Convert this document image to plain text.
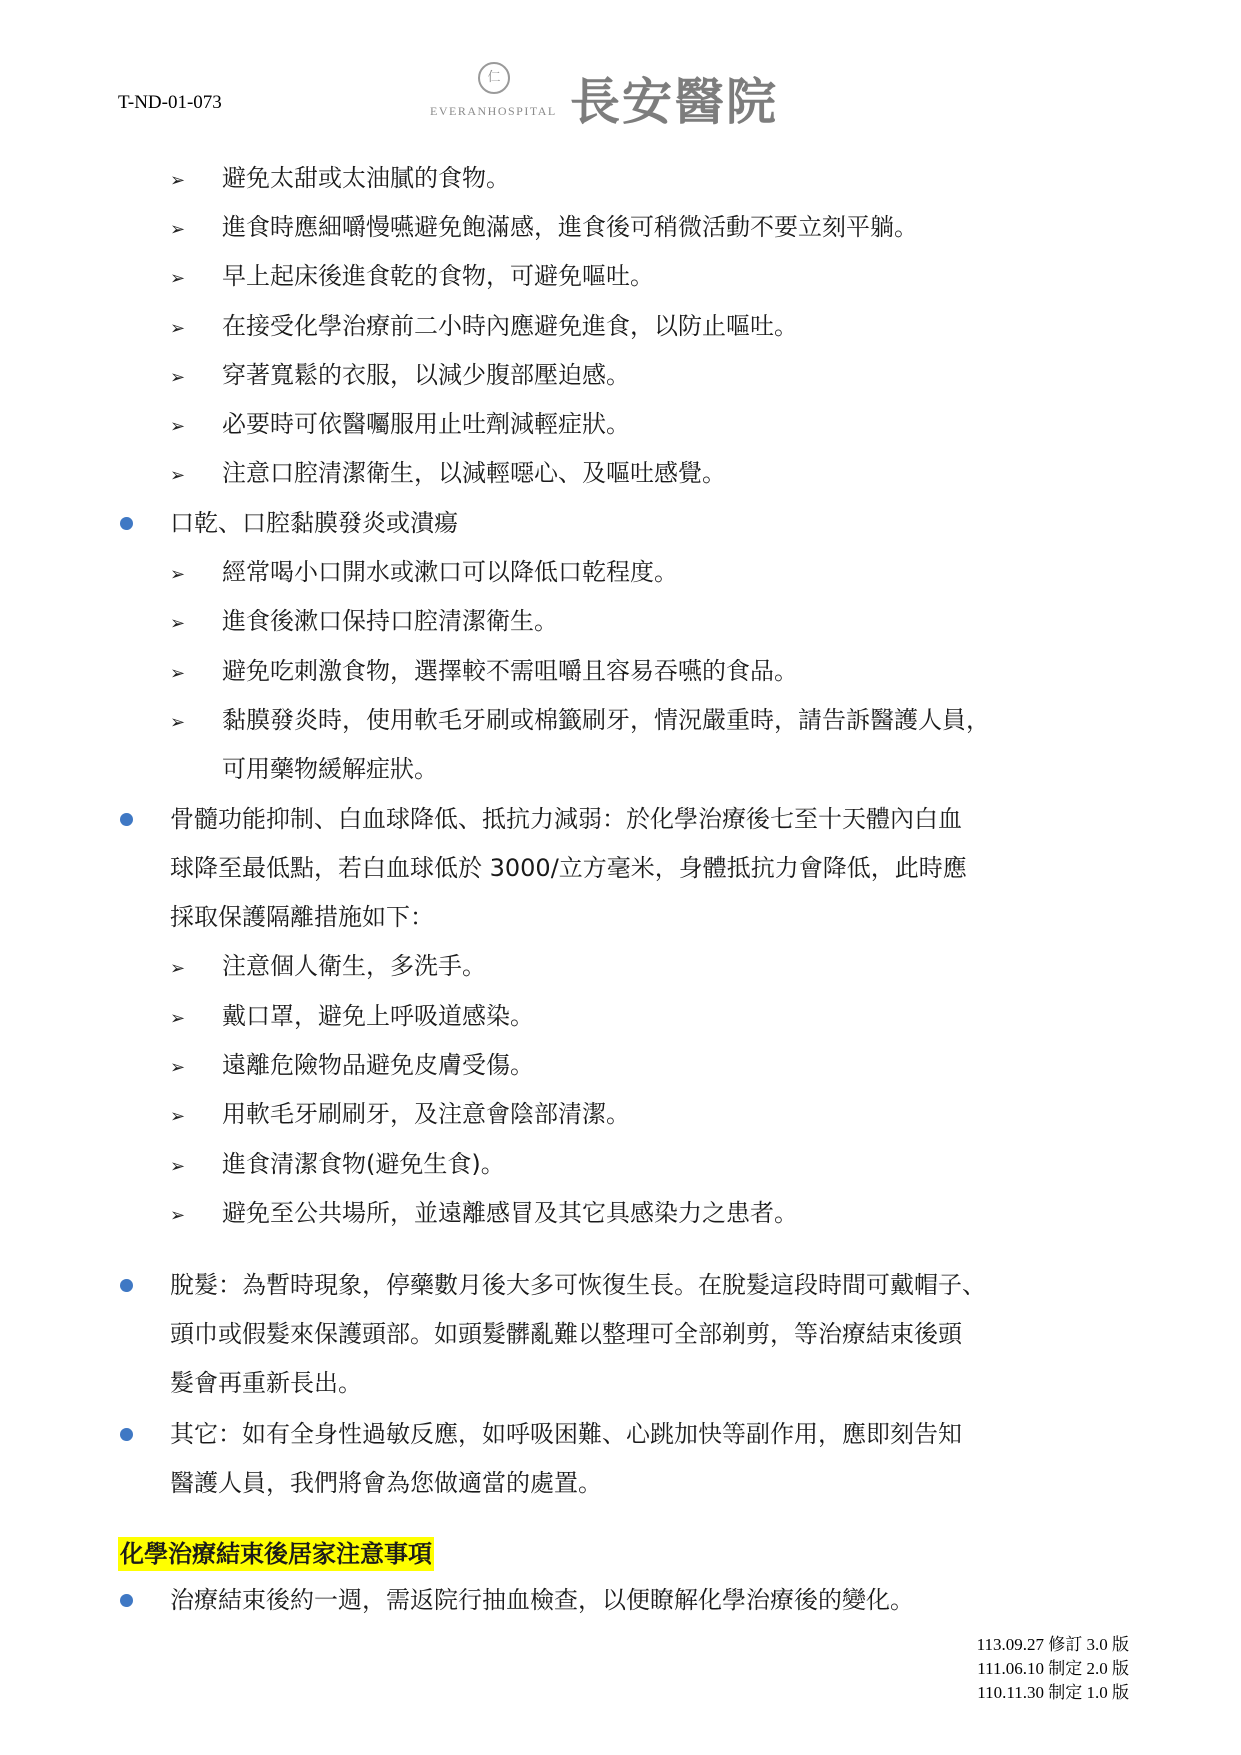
T-ND-01-073
仁
EVERANHOSPITAL 長安醫院
➢ 避免太甜或太油膩的食物。
➢ 進食時應細嚼慢嚥避免飽滿感，進食後可稍微活動不要立刻平躺。
➢ 早上起床後進食乾的食物，可避免嘔吐。
➢ 在接受化學治療前二小時內應避免進食，以防止嘔吐。
➢ 穿著寬鬆的衣服，以減少腹部壓迫感。
➢ 必要時可依醫囑服用止吐劑減輕症狀。
➢ 注意口腔清潔衛生，以減輕噁心、及嘔吐感覺。
口乾、口腔黏膜發炎或潰瘍
➢ 經常喝小口開水或漱口可以降低口乾程度。
➢ 進食後漱口保持口腔清潔衛生。
➢ 避免吃刺激食物，選擇較不需咀嚼且容易吞嚥的食品。
➢ 黏膜發炎時，使用軟毛牙刷或棉籤刷牙，情況嚴重時，請告訴醫護人員，
可用藥物緩解症狀。
骨髓功能抑制、白血球降低、抵抗力減弱：於化學治療後七至十天體內白血
球降至最低點，若白血球低於 3000/立方毫米，身體抵抗力會降低，此時應
採取保護隔離措施如下：
➢ 注意個人衛生，多洗手。
➢ 戴口罩，避免上呼吸道感染。
➢ 遠離危險物品避免皮膚受傷。
➢ 用軟毛牙刷刷牙，及注意會陰部清潔。
➢ 進食清潔食物(避免生食)。
➢ 避免至公共場所，並遠離感冒及其它具感染力之患者。
脫髮：為暫時現象，停藥數月後大多可恢復生長。在脫髮這段時間可戴帽子、
頭巾或假髮來保護頭部。如頭髮髒亂難以整理可全部剃剪，等治療結束後頭
髮會再重新長出。
其它：如有全身性過敏反應，如呼吸困難、心跳加快等副作用，應即刻告知
醫護人員，我們將會為您做適當的處置。
治療結束後約一週，需返院行抽血檢查，以便瞭解化學治療後的變化。
化學治療結束後居家注意事項
113.09.27 修訂 3.0 版
111.06.10 制定 2.0 版
110.11.30 制定 1.0 版
